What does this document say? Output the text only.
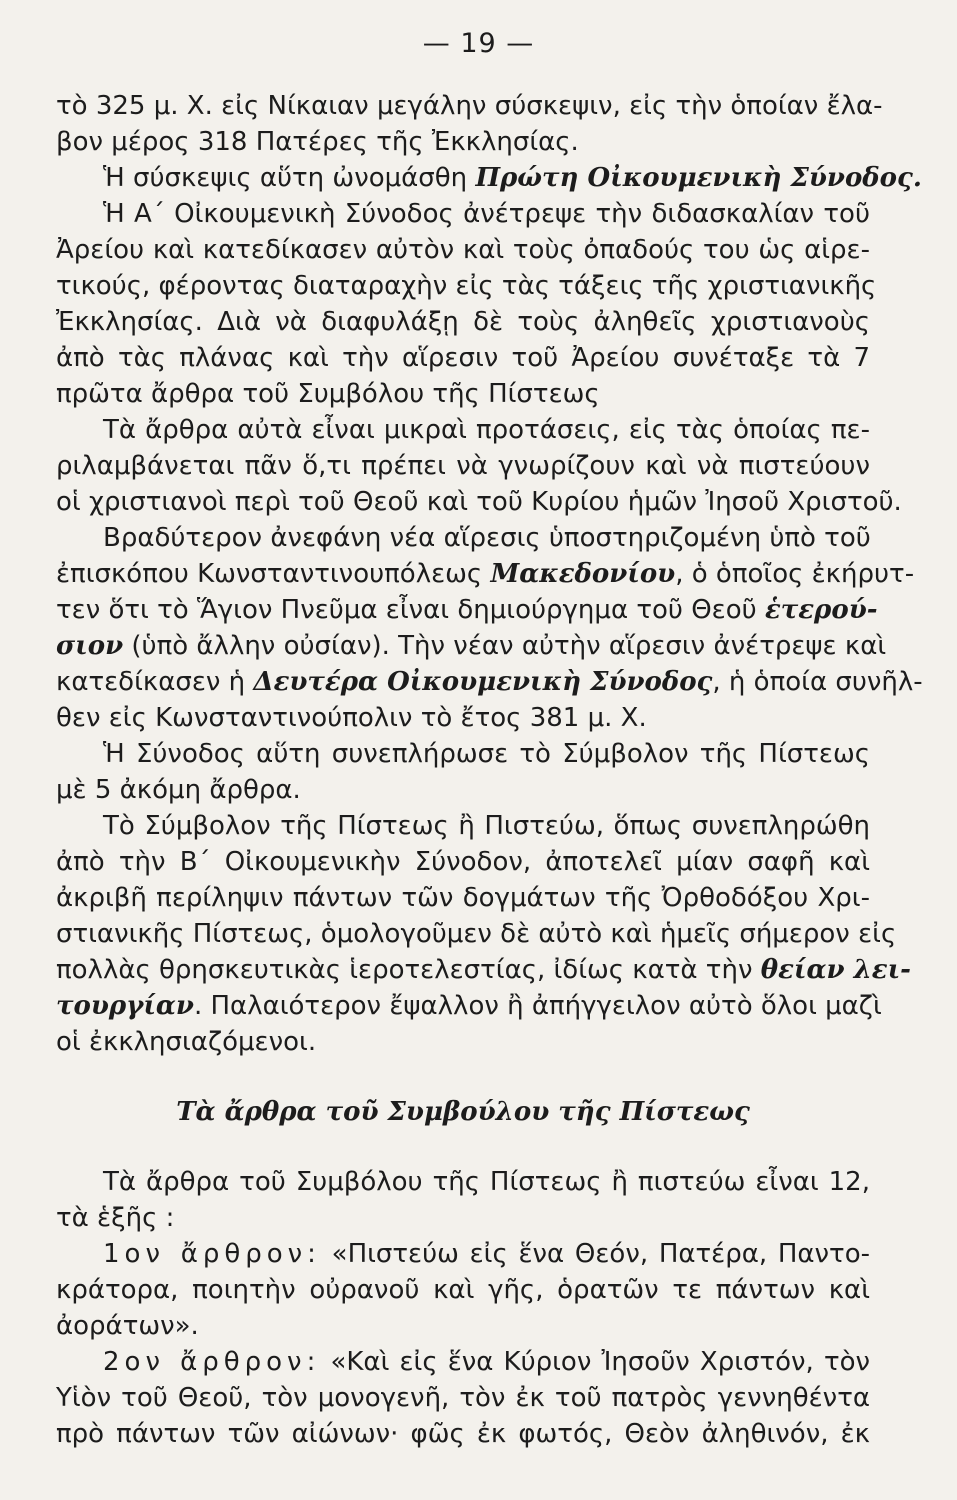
— 19 —
τὸ 325 μ. Χ. εἰς Νίκαιαν μεγάλην σύσκεψιν, εἰς τὴν ὁποίαν ἔλα-
βον μέρος 318 Πατέρες τῆς Ἐκκλησίας.
Ἡ σύσκεψις αὕτη ὠνομάσθη Πρώτη Οἰκουμενικὴ Σύνοδος.
Ἡ Α΄ Οἰκουμενικὴ Σύνοδος ἀνέτρεψε τὴν διδασκαλίαν τοῦ
Ἀρείου καὶ κατεδίκασεν αὐτὸν καὶ τοὺς ὀπαδούς του ὡς αἱρε-
τικούς, φέροντας διαταραχὴν εἰς τὰς τάξεις τῆς χριστιανικῆς
Ἐκκλησίας. Διὰ νὰ διαφυλάξῃ δὲ τοὺς ἀληθεῖς χριστιανοὺς
ἀπὸ τὰς πλάνας καὶ τὴν αἵρεσιν τοῦ Ἀρείου συνέταξε τὰ 7
πρῶτα ἄρθρα τοῦ Συμβόλου τῆς Πίστεως
Τὰ ἄρθρα αὐτὰ εἶναι μικραὶ προτάσεις, εἰς τὰς ὁποίας πε-
ριλαμβάνεται πᾶν ὅ,τι πρέπει νὰ γνωρίζουν καὶ νὰ πιστεύουν
οἱ χριστιανοὶ περὶ τοῦ Θεοῦ καὶ τοῦ Κυρίου ἡμῶν Ἰησοῦ Χριστοῦ.
Βραδύτερον ἀνεφάνη νέα αἵρεσις ὑποστηριζομένη ὑπὸ τοῦ
ἐπισκόπου Κωνσταντινουπόλεως Μακεδονίου, ὁ ὁποῖος ἐκήρυτ-
τεν ὅτι τὸ Ἅγιον Πνεῦμα εἶναι δημιούργημα τοῦ Θεοῦ ἑτερού-
σιον (ὑπὸ ἄλλην οὐσίαν). Τὴν νέαν αὐτὴν αἵρεσιν ἀνέτρεψε καὶ
κατεδίκασεν ἡ Δευτέρα Οἰκουμενικὴ Σύνοδος, ἡ ὁποία συνῆλ-
θεν εἰς Κωνσταντινούπολιν τὸ ἔτος 381 μ. Χ.
Ἡ Σύνοδος αὕτη συνεπλήρωσε τὸ Σύμβολον τῆς Πίστεως
μὲ 5 ἀκόμη ἄρθρα.
Τὸ Σύμβολον τῆς Πίστεως ἢ Πιστεύω, ὅπως συνεπληρώθη
ἀπὸ τὴν Β΄ Οἰκουμενικὴν Σύνοδον, ἀποτελεῖ μίαν σαφῆ καὶ
ἀκριβῆ περίληψιν πάντων τῶν δογμάτων τῆς Ὀρθοδόξου Χρι-
στιανικῆς Πίστεως, ὁμολογοῦμεν δὲ αὐτὸ καὶ ἡμεῖς σήμερον εἰς
πολλὰς θρησκευτικὰς ἱεροτελεστίας, ἰδίως κατὰ τὴν θείαν λει-
τουργίαν. Παλαιότερον ἔψαλλον ἢ ἀπήγγειλον αὐτὸ ὅλοι μαζὶ
οἱ ἐκκλησιαζόμενοι.
Τὰ ἄρθρα τοῦ Συμβούλου τῆς Πίστεως
Τὰ ἄρθρα τοῦ Συμβόλου τῆς Πίστεως ἢ πιστεύω εἶναι 12,
τὰ ἑξῆς :
1ον ἄρθρον: «Πιστεύω εἰς ἕνα Θεόν, Πατέρα, Παντο-
κράτορα, ποιητὴν οὐρανοῦ καὶ γῆς, ὁρατῶν τε πάντων καὶ
ἀοράτων».
2ον ἄρθρον: «Καὶ εἰς ἕνα Κύριον Ἰησοῦν Χριστόν, τὸν
Υἱὸν τοῦ Θεοῦ, τὸν μονογενῆ, τὸν ἐκ τοῦ πατρὸς γεννηθέντα
πρὸ πάντων τῶν αἰώνων· φῶς ἐκ φωτός, Θεὸν ἀληθινόν, ἐκ
